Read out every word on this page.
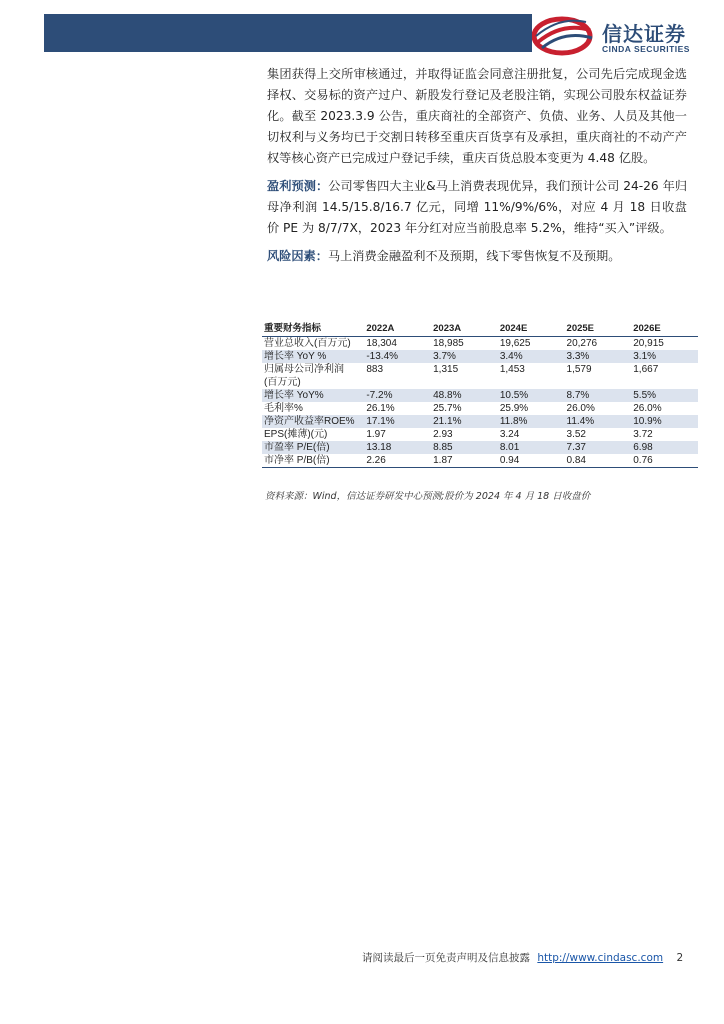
信达证券
CINDA SECURITIES

集团获得上交所审核通过，并取得证监会同意注册批复，公司先后完成现金选择权、交易标的资产过户、新股发行登记及老股注销，实现公司股东权益证券化。截至 2023.3.9 公告，重庆商社的全部资产、负债、业务、人员及其他一切权利与义务均已于交割日转移至重庆百货享有及承担，重庆商社的不动产产权等核心资产已完成过户登记手续，重庆百货总股本变更为 4.48 亿股。

盈利预测：公司零售四大主业&马上消费表现优异，我们预计公司 24-26 年归母净利润 14.5/15.8/16.7 亿元，同增 11%/9%/6%，对应 4 月 18 日收盘价 PE 为 8/7/7X，2023 年分红对应当前股息率 5.2%，维持“买入”评级。

风险因素：马上消费金融盈利不及预期，线下零售恢复不及预期。

重要财务指标	2022A	2023A	2024E	2025E	2026E
营业总收入(百万元)	18,304	18,985	19,625	20,276	20,915
增长率 YoY %	-13.4%	3.7%	3.4%	3.3%	3.1%
归属母公司净利润	883	1,315	1,453	1,579	1,667
(百万元)					
增长率 YoY%	-7.2%	48.8%	10.5%	8.7%	5.5%
毛利率%	26.1%	25.7%	25.9%	26.0%	26.0%
净资产收益率ROE%	17.1%	21.1%	11.8%	11.4%	10.9%
EPS(摊薄)(元)	1.97	2.93	3.24	3.52	3.72
市盈率 P/E(倍)	13.18	8.85	8.01	7.37	6.98
市净率 P/B(倍)	2.26	1.87	0.94	0.84	0.76
资料来源：Wind，信达证券研发中心预测;股价为 2024 年 4 月 18 日收盘价
请阅读最后一页免责声明及信息披露 http://www.cindasc.com 2
